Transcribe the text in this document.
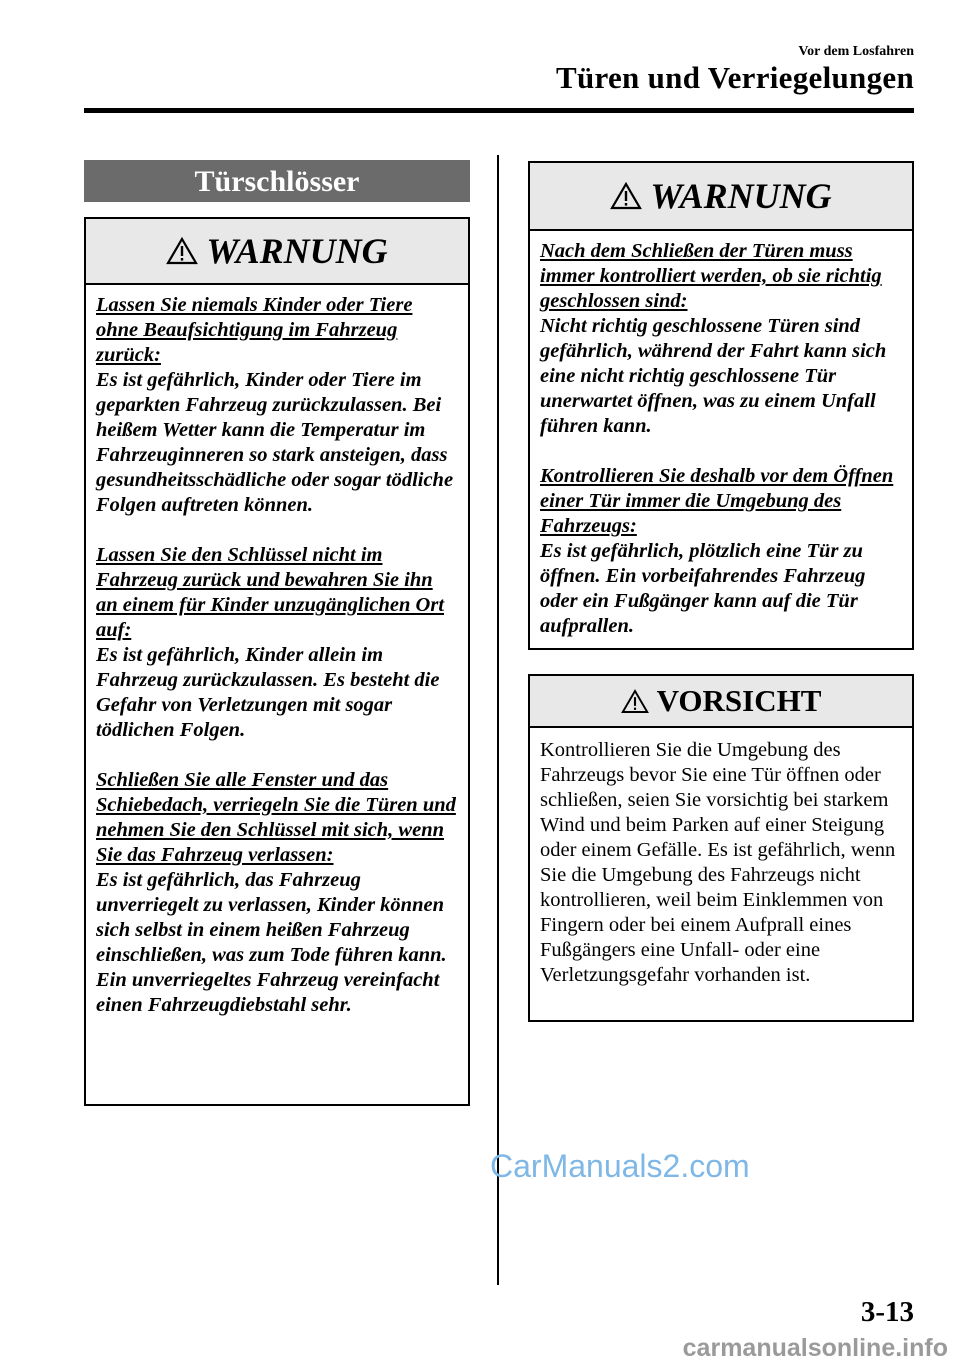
Vor dem Losfahren
Türen und Verriegelungen
Türschlösser
WARNUNG
Lassen Sie niemals Kinder oder Tiere ohne Beaufsichtigung im Fahrzeug zurück:
Es ist gefährlich, Kinder oder Tiere im geparkten Fahrzeug zurückzulassen. Bei heißem Wetter kann die Temperatur im Fahrzeuginneren so stark ansteigen, dass gesundheitsschädliche oder sogar tödliche Folgen auftreten können.
Lassen Sie den Schlüssel nicht im Fahrzeug zurück und bewahren Sie ihn an einem für Kinder unzugänglichen Ort auf:
Es ist gefährlich, Kinder allein im Fahrzeug zurückzulassen. Es besteht die Gefahr von Verletzungen mit sogar tödlichen Folgen.
Schließen Sie alle Fenster und das Schiebedach, verriegeln Sie die Türen und nehmen Sie den Schlüssel mit sich, wenn Sie das Fahrzeug verlassen:
Es ist gefährlich, das Fahrzeug unverriegelt zu verlassen, Kinder können sich selbst in einem heißen Fahrzeug einschließen, was zum Tode führen kann. Ein unverriegeltes Fahrzeug vereinfacht einen Fahrzeugdiebstahl sehr.
WARNUNG
Nach dem Schließen der Türen muss immer kontrolliert werden, ob sie richtig geschlossen sind:
Nicht richtig geschlossene Türen sind gefährlich, während der Fahrt kann sich eine nicht richtig geschlossene Tür unerwartet öffnen, was zu einem Unfall führen kann.
Kontrollieren Sie deshalb vor dem Öffnen einer Tür immer die Umgebung des Fahrzeugs:
Es ist gefährlich, plötzlich eine Tür zu öffnen. Ein vorbeifahrendes Fahrzeug oder ein Fußgänger kann auf die Tür aufprallen.
VORSICHT
Kontrollieren Sie die Umgebung des Fahrzeugs bevor Sie eine Tür öffnen oder schließen, seien Sie vorsichtig bei starkem Wind und beim Parken auf einer Steigung oder einem Gefälle. Es ist gefährlich, wenn Sie die Umgebung des Fahrzeugs nicht kontrollieren, weil beim Einklemmen von Fingern oder bei einem Aufprall eines Fußgängers eine Unfall- oder eine Verletzungsgefahr vorhanden ist.
CarManuals2.com
3-13
carmanualsonline.info
